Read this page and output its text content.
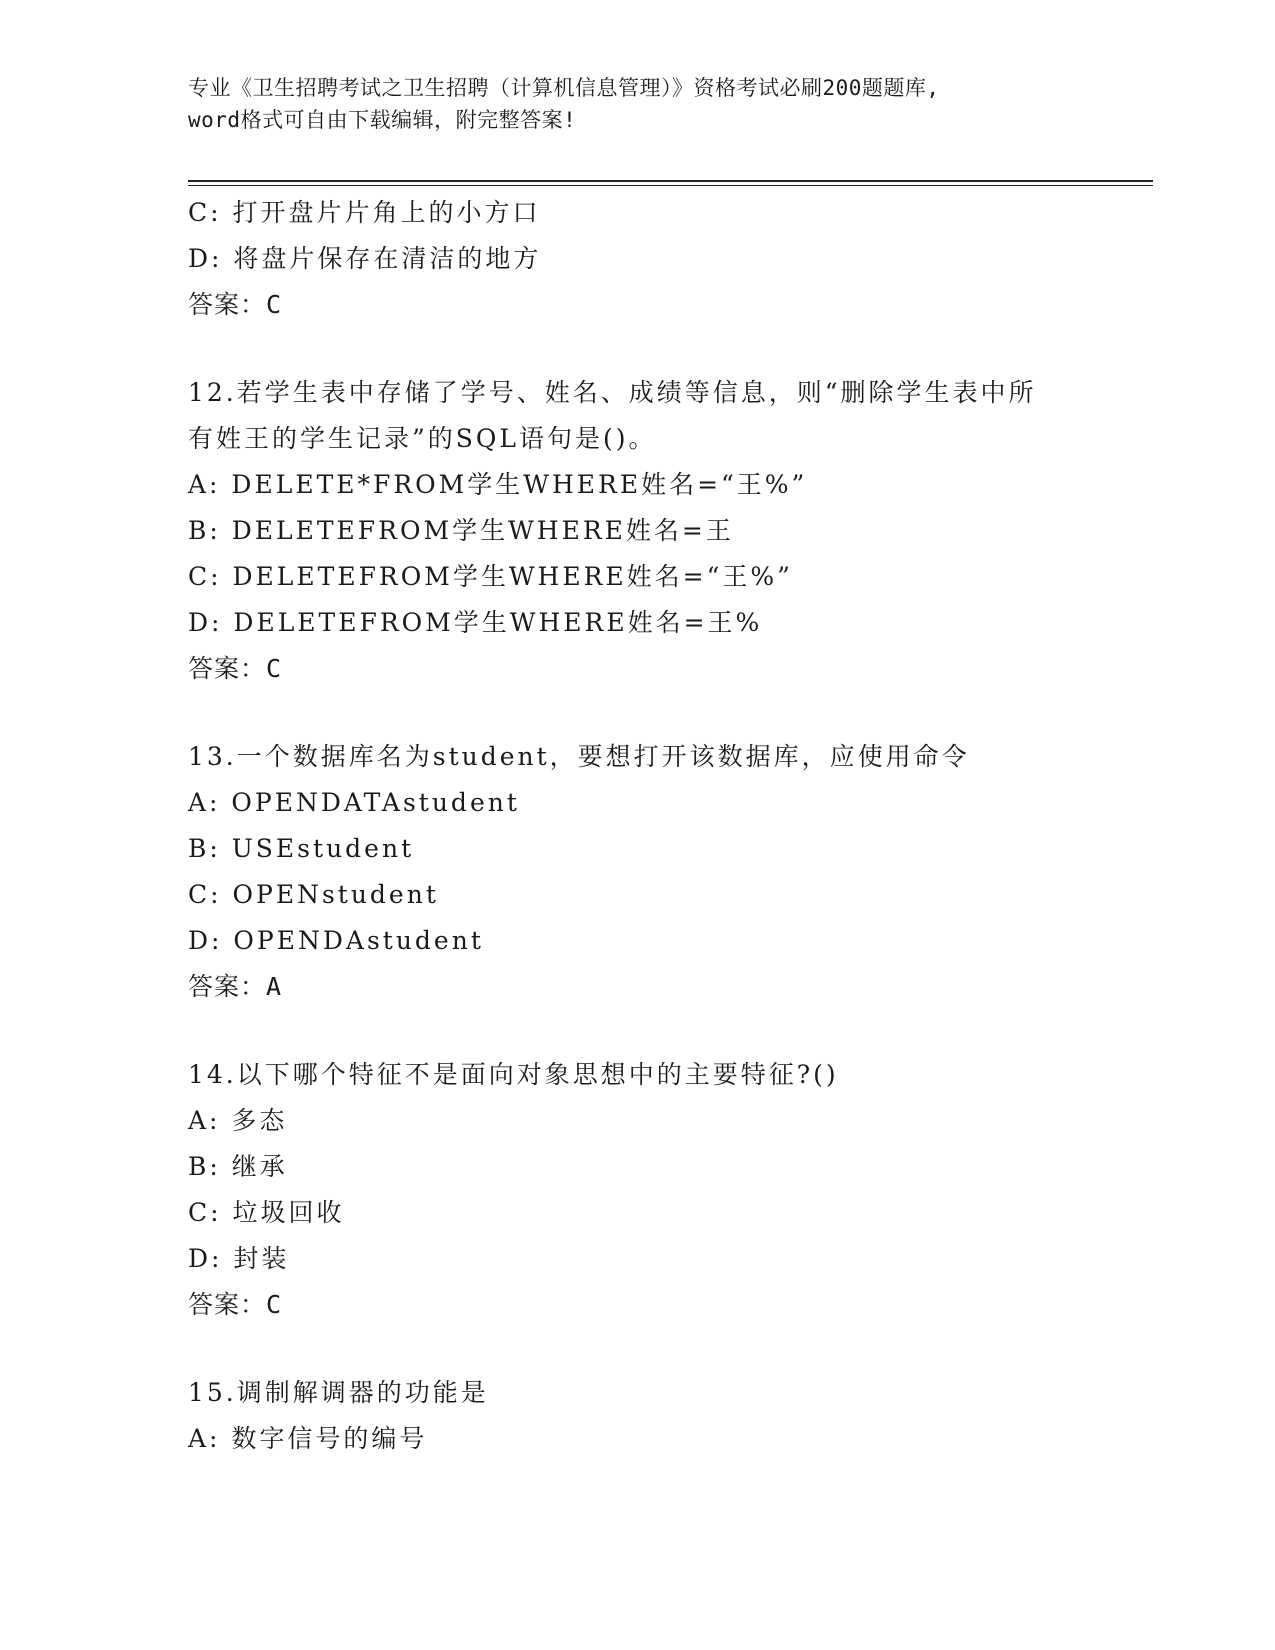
专业《卫生招聘考试之卫生招聘（计算机信息管理）》资格考试必刷200题题库,
word格式可自由下载编辑，附完整答案!
C: 打开盘片片角上的小方口
D: 将盘片保存在清洁的地方
答案：C
12.若学生表中存储了学号、姓名、成绩等信息，则“删除学生表中所
有姓王的学生记录”的SQL语句是()。
A: DELETE*FROM学生WHERE姓名=“王%”
B: DELETEFROM学生WHERE姓名=王
C: DELETEFROM学生WHERE姓名=“王%”
D: DELETEFROM学生WHERE姓名=王%
答案：C
13.一个数据库名为student，要想打开该数据库，应使用命令
A: OPENDATAstudent
B: USEstudent
C: OPENstudent
D: OPENDAstudent
答案：A
14.以下哪个特征不是面向对象思想中的主要特征?()
A: 多态
B: 继承
C: 垃圾回收
D: 封装
答案：C
15.调制解调器的功能是
A: 数字信号的编号
